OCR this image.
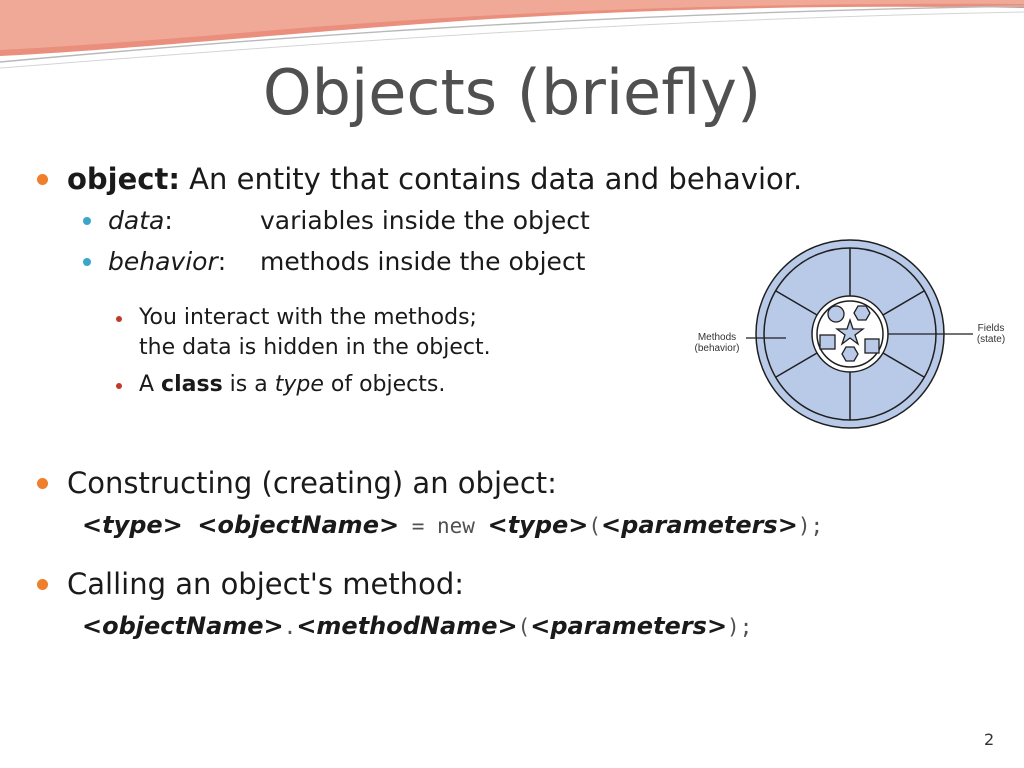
Objects (briefly)
object: An entity that contains data and behavior.
data:	variables inside the object
behavior: methods inside the object
You interact with the methods;
the data is hidden in the object.
A class is a type of objects.
Constructing (creating) an object:
<type> <objectName> = new <type>(<parameters>);
Calling an object's method:
<objectName>.<methodName>(<parameters>);
Methods
(behavior)
Fields
(state)
2
